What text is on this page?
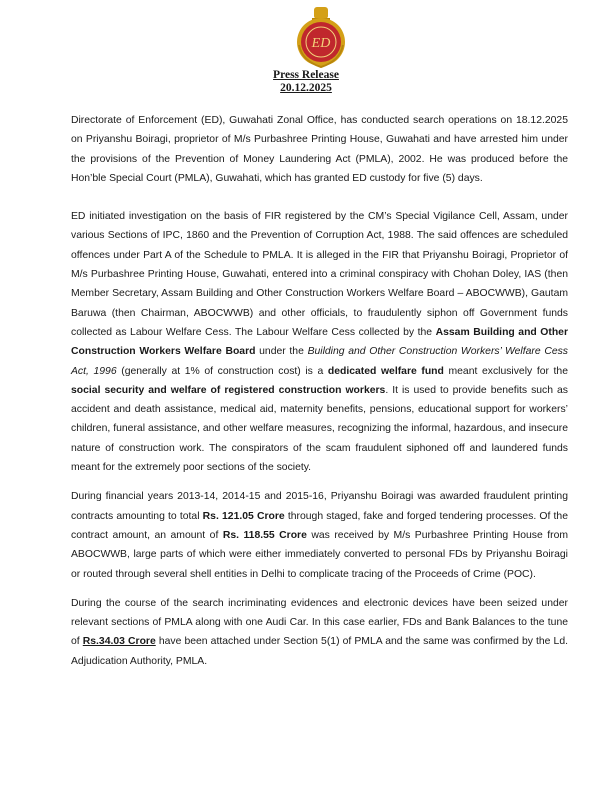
ED
Press Release
20.12.2025

Directorate of Enforcement (ED), Guwahati Zonal Office, has conducted search operations on 18.12.2025 on Priyanshu Boiragi, proprietor of M/s Purbashree Printing House, Guwahati and have arrested him under the provisions of the Prevention of Money Laundering Act (PMLA), 2002. He was produced before the Hon’ble Special Court (PMLA), Guwahati, which has granted ED custody for five (5) days.

ED initiated investigation on the basis of FIR registered by the CM’s Special Vigilance Cell, Assam, under various Sections of IPC, 1860 and the Prevention of Corruption Act, 1988. The said offences are scheduled offences under Part A of the Schedule to PMLA. It is alleged in the FIR that Priyanshu Boiragi, Proprietor of M/s Purbashree Printing House, Guwahati, entered into a criminal conspiracy with Chohan Doley, IAS (then Member Secretary, Assam Building and Other Construction Workers Welfare Board – ABOCWWB), Gautam Baruwa (then Chairman, ABOCWWB) and other officials, to fraudulently siphon off Government funds collected as Labour Welfare Cess. The Labour Welfare Cess collected by the Assam Building and Other Construction Workers Welfare Board under the Building and Other Construction Workers’ Welfare Cess Act, 1996 (generally at 1% of construction cost) is a dedicated welfare fund meant exclusively for the social security and welfare of registered construction workers. It is used to provide benefits such as accident and death assistance, medical aid, maternity benefits, pensions, educational support for workers’ children, funeral assistance, and other welfare measures, recognizing the informal, hazardous, and insecure nature of construction work. The conspirators of the scam fraudulent siphoned off and laundered funds meant for the extremely poor sections of the society.

During financial years 2013-14, 2014-15 and 2015-16, Priyanshu Boiragi was awarded fraudulent printing contracts amounting to total Rs. 121.05 Crore through staged, fake and forged tendering processes. Of the contract amount, an amount of Rs. 118.55 Crore was received by M/s Purbashree Printing House from ABOCWWB, large parts of which were either immediately converted to personal FDs by Priyanshu Boiragi or routed through several shell entities in Delhi to complicate tracing of the Proceeds of Crime (POC).

During the course of the search incriminating evidences and electronic devices have been seized under relevant sections of PMLA along with one Audi Car. In this case earlier, FDs and Bank Balances to the tune of Rs.34.03 Crore have been attached under Section 5(1) of PMLA and the same was confirmed by the Ld. Adjudication Authority, PMLA.
